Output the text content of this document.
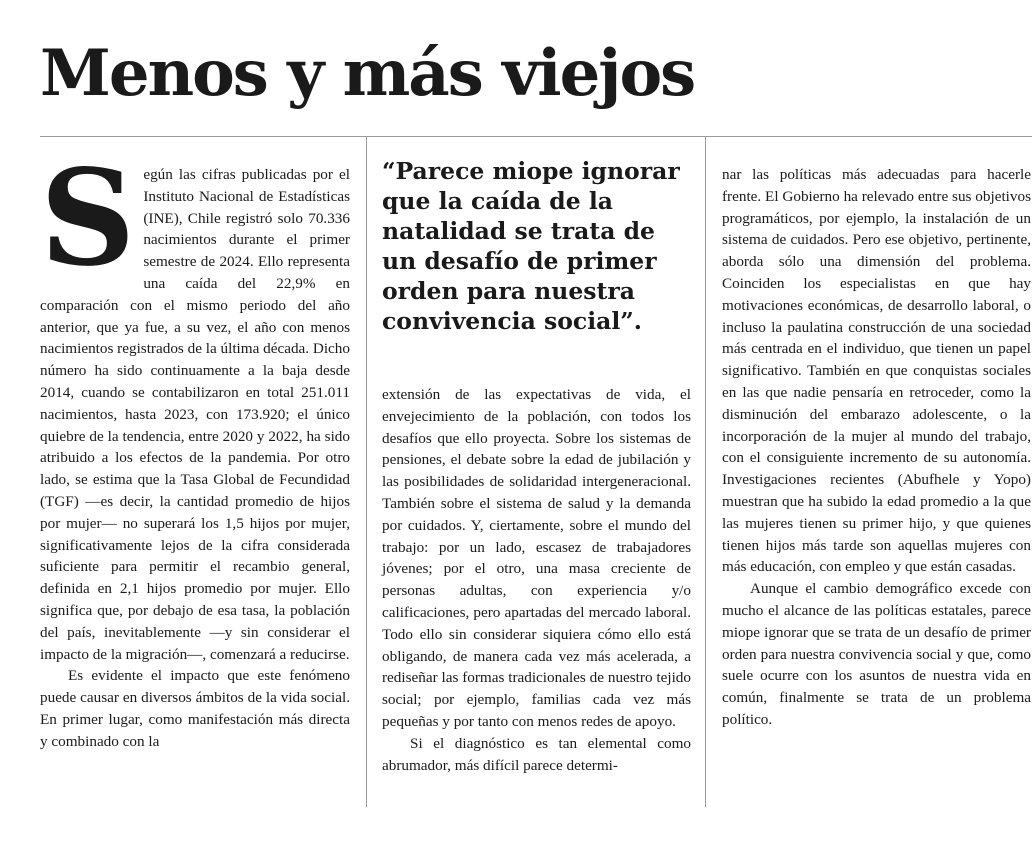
Menos y más viejos

Según las cifras publicadas por el Instituto Nacional de Estadísticas (INE), Chile registró solo 70.336 nacimientos durante el primer semestre de 2024. Ello representa una caída del 22,9% en comparación con el mismo periodo del año anterior, que ya fue, a su vez, el año con menos nacimientos registrados de la última década. Dicho número ha sido continuamente a la baja desde 2014, cuando se contabilizaron en total 251.011 nacimientos, hasta 2023, con 173.920; el único quiebre de la tendencia, entre 2020 y 2022, ha sido atribuido a los efectos de la pandemia. Por otro lado, se estima que la Tasa Global de Fecundidad (TGF) —es decir, la cantidad promedio de hijos por mujer— no superará los 1,5 hijos por mujer, significativamente lejos de la cifra considerada suficiente para permitir el recambio general, definida en 2,1 hijos promedio por mujer. Ello significa que, por debajo de esa tasa, la población del país, inevitablemente —y sin considerar el impacto de la migración—, comenzará a reducirse.

Es evidente el impacto que este fenómeno puede causar en diversos ámbitos de la vida social. En primer lugar, como manifestación más directa y combinado con la

“Parece miope ignorar que la caída de la natalidad se trata de un desafío de primer orden para nuestra convivencia social”.

extensión de las expectativas de vida, el envejecimiento de la población, con todos los desafíos que ello proyecta. Sobre los sistemas de pensiones, el debate sobre la edad de jubilación y las posibilidades de solidaridad intergeneracional. También sobre el sistema de salud y la demanda por cuidados. Y, ciertamente, sobre el mundo del trabajo: por un lado, escasez de trabajadores jóvenes; por el otro, una masa creciente de personas adultas, con experiencia y/o calificaciones, pero apartadas del mercado laboral. Todo ello sin considerar siquiera cómo ello está obligando, de manera cada vez más acelerada, a rediseñar las formas tradicionales de nuestro tejido social; por ejemplo, familias cada vez más pequeñas y por tanto con menos redes de apoyo.

Si el diagnóstico es tan elemental como abrumador, más difícil parece determi-

nar las políticas más adecuadas para hacerle frente. El Gobierno ha relevado entre sus objetivos programáticos, por ejemplo, la instalación de un sistema de cuidados. Pero ese objetivo, pertinente, aborda sólo una dimensión del problema. Coinciden los especialistas en que hay motivaciones económicas, de desarrollo laboral, o incluso la paulatina construcción de una sociedad más centrada en el individuo, que tienen un papel significativo. También en que conquistas sociales en las que nadie pensaría en retroceder, como la disminución del embarazo adolescente, o la incorporación de la mujer al mundo del trabajo, con el consiguiente incremento de su autonomía. Investigaciones recientes (Abufhele y Yopo) muestran que ha subido la edad promedio a la que las mujeres tienen su primer hijo, y que quienes tienen hijos más tarde son aquellas mujeres con más educación, con empleo y que están casadas.

Aunque el cambio demográfico excede con mucho el alcance de las políticas estatales, parece miope ignorar que se trata de un desafío de primer orden para nuestra convivencia social y que, como suele ocurre con los asuntos de nuestra vida en común, finalmente se trata de un problema político.
